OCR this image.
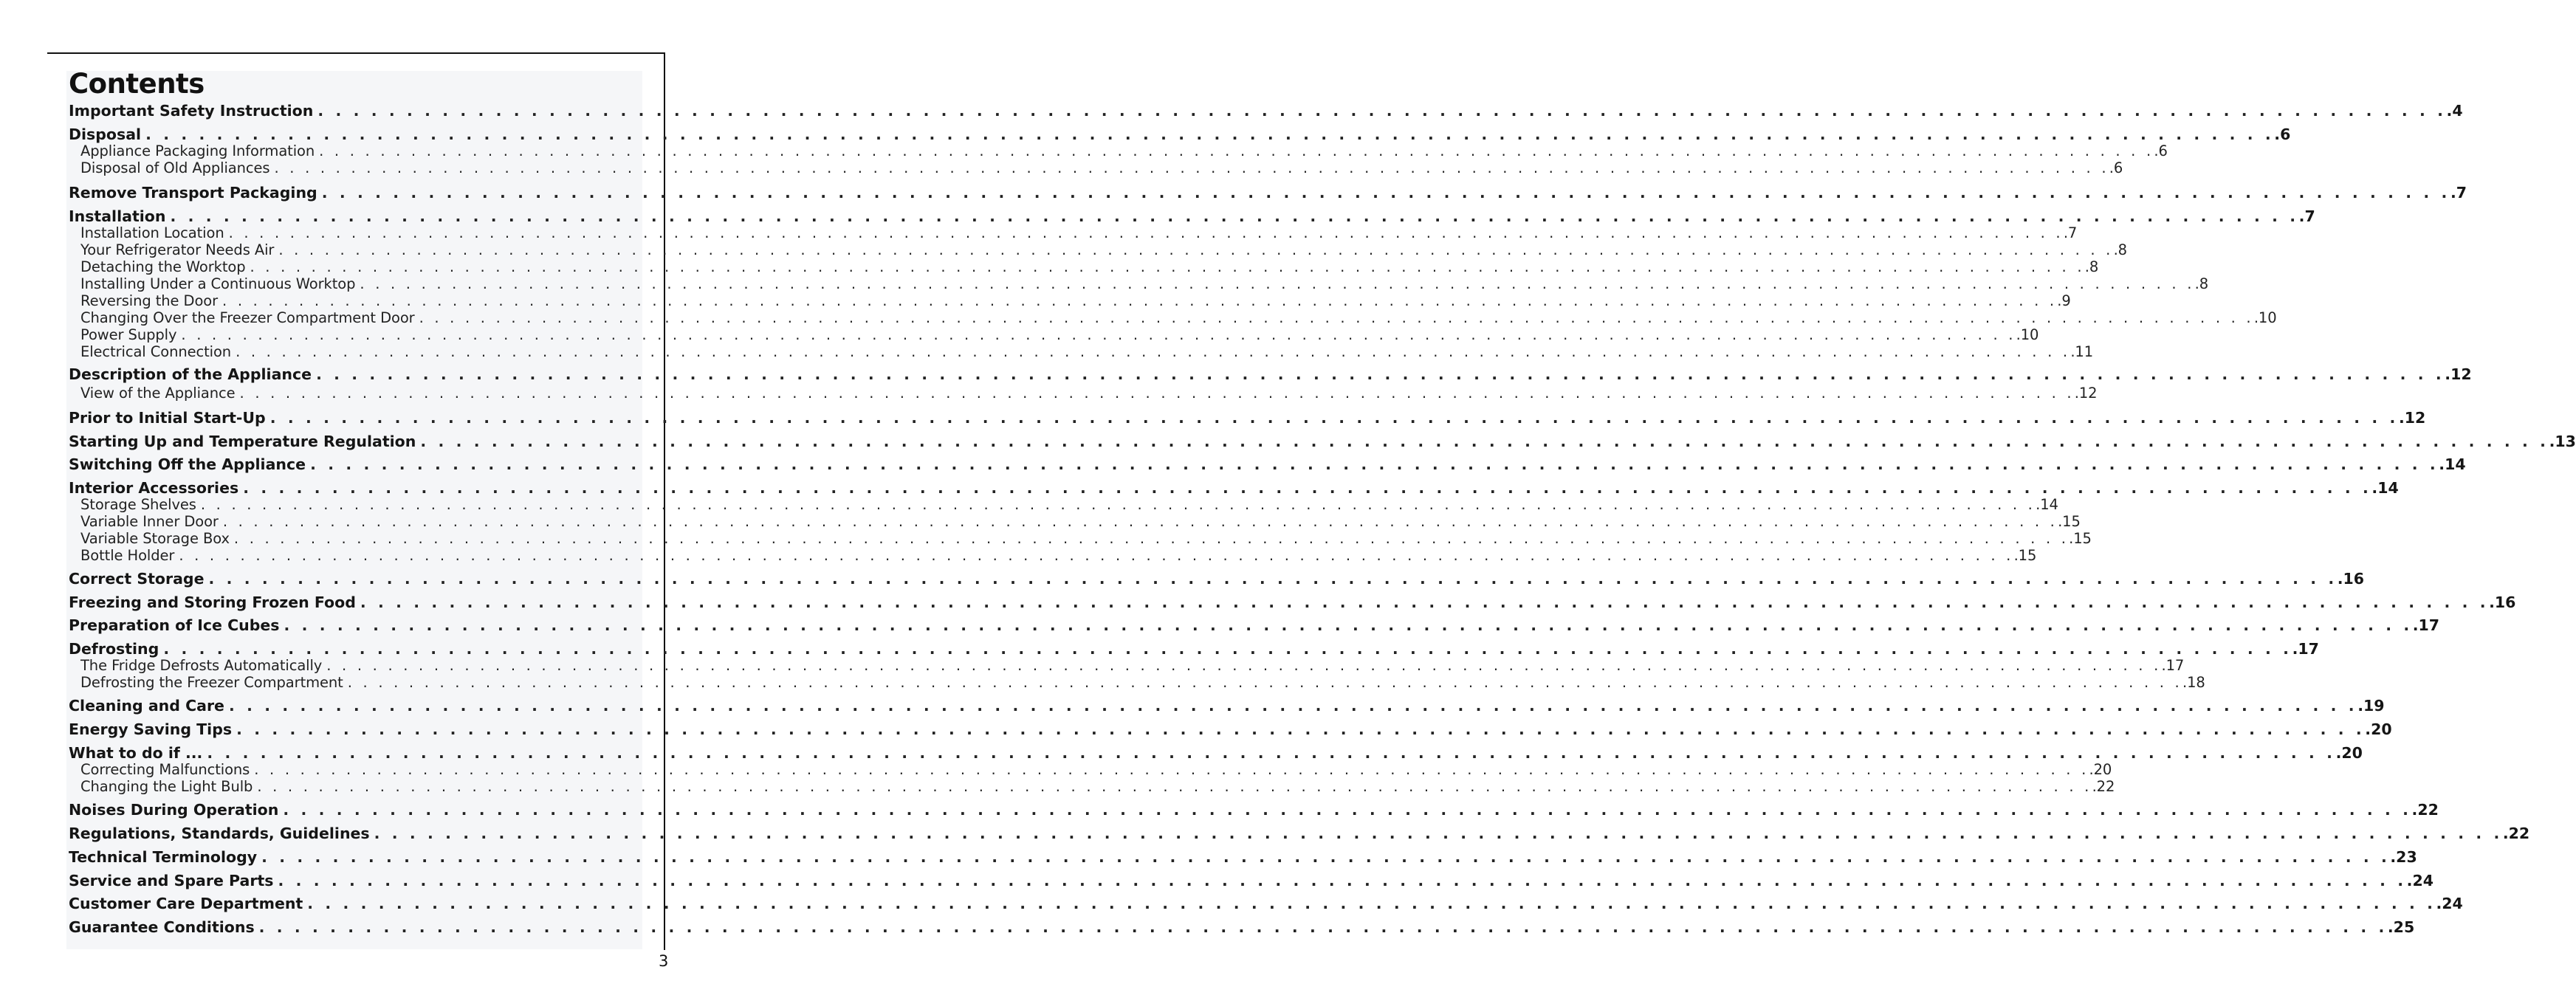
Contents
Important Safety Instruction . . . . . . . . . . . . . . . . . . . . . . . . . . . . . . . . . . . . . . . . . . . . . . . . . . . . . . . . . . . . . . . . . . . . . . . . . . . . . . . . . . . . . . . . . . . . . . . . . . . . . . . . . . . . . . . . . . . . . . . . .4
Disposal . . . . . . . . . . . . . . . . . . . . . . . . . . . . . . . . . . . . . . . . . . . . . . . . . . . . . . . . . . . . . . . . . . . . . . . . . . . . . . . . . . . . . . . . . . . . . . . . . . . . . . . . . . . . . . . . . . . . . . . . .6
Appliance Packaging Information . . . . . . . . . . . . . . . . . . . . . . . . . . . . . . . . . . . . . . . . . . . . . . . . . . . . . . . . . . . . . . . . . . . . . . . . . . . . . . . . . . . . . . . . . . . . . . . . . . . . . . . . . . . . . . . . . . . . . . . . .6
Disposal of Old Appliances . . . . . . . . . . . . . . . . . . . . . . . . . . . . . . . . . . . . . . . . . . . . . . . . . . . . . . . . . . . . . . . . . . . . . . . . . . . . . . . . . . . . . . . . . . . . . . . . . . . . . . . . . . . . . . . . . . . . . . . . .6
Remove Transport Packaging . . . . . . . . . . . . . . . . . . . . . . . . . . . . . . . . . . . . . . . . . . . . . . . . . . . . . . . . . . . . . . . . . . . . . . . . . . . . . . . . . . . . . . . . . . . . . . . . . . . . . . . . . . . . . . . . . . . . . . . . .7
Installation . . . . . . . . . . . . . . . . . . . . . . . . . . . . . . . . . . . . . . . . . . . . . . . . . . . . . . . . . . . . . . . . . . . . . . . . . . . . . . . . . . . . . . . . . . . . . . . . . . . . . . . . . . . . . . . . . . . . . . . . .7
Installation Location . . . . . . . . . . . . . . . . . . . . . . . . . . . . . . . . . . . . . . . . . . . . . . . . . . . . . . . . . . . . . . . . . . . . . . . . . . . . . . . . . . . . . . . . . . . . . . . . . . . . . . . . . . . . . . . . . . . . . . . . .7
Your Refrigerator Needs Air . . . . . . . . . . . . . . . . . . . . . . . . . . . . . . . . . . . . . . . . . . . . . . . . . . . . . . . . . . . . . . . . . . . . . . . . . . . . . . . . . . . . . . . . . . . . . . . . . . . . . . . . . . . . . . . . . . . . . . . . .8
Detaching the Worktop . . . . . . . . . . . . . . . . . . . . . . . . . . . . . . . . . . . . . . . . . . . . . . . . . . . . . . . . . . . . . . . . . . . . . . . . . . . . . . . . . . . . . . . . . . . . . . . . . . . . . . . . . . . . . . . . . . . . . . . . .8
Installing Under a Continuous Worktop . . . . . . . . . . . . . . . . . . . . . . . . . . . . . . . . . . . . . . . . . . . . . . . . . . . . . . . . . . . . . . . . . . . . . . . . . . . . . . . . . . . . . . . . . . . . . . . . . . . . . . . . . . . . . . . . . . . . . . . . .8
Reversing the Door . . . . . . . . . . . . . . . . . . . . . . . . . . . . . . . . . . . . . . . . . . . . . . . . . . . . . . . . . . . . . . . . . . . . . . . . . . . . . . . . . . . . . . . . . . . . . . . . . . . . . . . . . . . . . . . . . . . . . . . . .9
Changing Over the Freezer Compartment Door . . . . . . . . . . . . . . . . . . . . . . . . . . . . . . . . . . . . . . . . . . . . . . . . . . . . . . . . . . . . . . . . . . . . . . . . . . . . . . . . . . . . . . . . . . . . . . . . . . . . . . . . . . . . . . . . . . . . . . . . .10
Power Supply . . . . . . . . . . . . . . . . . . . . . . . . . . . . . . . . . . . . . . . . . . . . . . . . . . . . . . . . . . . . . . . . . . . . . . . . . . . . . . . . . . . . . . . . . . . . . . . . . . . . . . . . . . . . . . . . . . . . . . . . .10
Electrical Connection . . . . . . . . . . . . . . . . . . . . . . . . . . . . . . . . . . . . . . . . . . . . . . . . . . . . . . . . . . . . . . . . . . . . . . . . . . . . . . . . . . . . . . . . . . . . . . . . . . . . . . . . . . . . . . . . . . . . . . . . .11
Description of the Appliance . . . . . . . . . . . . . . . . . . . . . . . . . . . . . . . . . . . . . . . . . . . . . . . . . . . . . . . . . . . . . . . . . . . . . . . . . . . . . . . . . . . . . . . . . . . . . . . . . . . . . . . . . . . . . . . . . . . . . . . . .12
View of the Appliance . . . . . . . . . . . . . . . . . . . . . . . . . . . . . . . . . . . . . . . . . . . . . . . . . . . . . . . . . . . . . . . . . . . . . . . . . . . . . . . . . . . . . . . . . . . . . . . . . . . . . . . . . . . . . . . . . . . . . . . . .12
Prior to Initial Start-Up . . . . . . . . . . . . . . . . . . . . . . . . . . . . . . . . . . . . . . . . . . . . . . . . . . . . . . . . . . . . . . . . . . . . . . . . . . . . . . . . . . . . . . . . . . . . . . . . . . . . . . . . . . . . . . . . . . . . . . . . .12
Starting Up and Temperature Regulation . . . . . . . . . . . . . . . . . . . . . . . . . . . . . . . . . . . . . . . . . . . . . . . . . . . . . . . . . . . . . . . . . . . . . . . . . . . . . . . . . . . . . . . . . . . . . . . . . . . . . . . . . . . . . . . . . . . . . . . . .13
Switching Off the Appliance . . . . . . . . . . . . . . . . . . . . . . . . . . . . . . . . . . . . . . . . . . . . . . . . . . . . . . . . . . . . . . . . . . . . . . . . . . . . . . . . . . . . . . . . . . . . . . . . . . . . . . . . . . . . . . . . . . . . . . . . .14
Interior Accessories . . . . . . . . . . . . . . . . . . . . . . . . . . . . . . . . . . . . . . . . . . . . . . . . . . . . . . . . . . . . . . . . . . . . . . . . . . . . . . . . . . . . . . . . . . . . . . . . . . . . . . . . . . . . . . . . . . . . . . . . .14
Storage Shelves . . . . . . . . . . . . . . . . . . . . . . . . . . . . . . . . . . . . . . . . . . . . . . . . . . . . . . . . . . . . . . . . . . . . . . . . . . . . . . . . . . . . . . . . . . . . . . . . . . . . . . . . . . . . . . . . . . . . . . . . .14
Variable Inner Door . . . . . . . . . . . . . . . . . . . . . . . . . . . . . . . . . . . . . . . . . . . . . . . . . . . . . . . . . . . . . . . . . . . . . . . . . . . . . . . . . . . . . . . . . . . . . . . . . . . . . . . . . . . . . . . . . . . . . . . . .15
Variable Storage Box . . . . . . . . . . . . . . . . . . . . . . . . . . . . . . . . . . . . . . . . . . . . . . . . . . . . . . . . . . . . . . . . . . . . . . . . . . . . . . . . . . . . . . . . . . . . . . . . . . . . . . . . . . . . . . . . . . . . . . . . .15
Bottle Holder . . . . . . . . . . . . . . . . . . . . . . . . . . . . . . . . . . . . . . . . . . . . . . . . . . . . . . . . . . . . . . . . . . . . . . . . . . . . . . . . . . . . . . . . . . . . . . . . . . . . . . . . . . . . . . . . . . . . . . . . .15
Correct Storage . . . . . . . . . . . . . . . . . . . . . . . . . . . . . . . . . . . . . . . . . . . . . . . . . . . . . . . . . . . . . . . . . . . . . . . . . . . . . . . . . . . . . . . . . . . . . . . . . . . . . . . . . . . . . . . . . . . . . . . . .16
Freezing and Storing Frozen Food . . . . . . . . . . . . . . . . . . . . . . . . . . . . . . . . . . . . . . . . . . . . . . . . . . . . . . . . . . . . . . . . . . . . . . . . . . . . . . . . . . . . . . . . . . . . . . . . . . . . . . . . . . . . . . . . . . . . . . . . .16
Preparation of Ice Cubes . . . . . . . . . . . . . . . . . . . . . . . . . . . . . . . . . . . . . . . . . . . . . . . . . . . . . . . . . . . . . . . . . . . . . . . . . . . . . . . . . . . . . . . . . . . . . . . . . . . . . . . . . . . . . . . . . . . . . . . . .17
Defrosting . . . . . . . . . . . . . . . . . . . . . . . . . . . . . . . . . . . . . . . . . . . . . . . . . . . . . . . . . . . . . . . . . . . . . . . . . . . . . . . . . . . . . . . . . . . . . . . . . . . . . . . . . . . . . . . . . . . . . . . . .17
The Fridge Defrosts Automatically . . . . . . . . . . . . . . . . . . . . . . . . . . . . . . . . . . . . . . . . . . . . . . . . . . . . . . . . . . . . . . . . . . . . . . . . . . . . . . . . . . . . . . . . . . . . . . . . . . . . . . . . . . . . . . . . . . . . . . . . .17
Defrosting the Freezer Compartment . . . . . . . . . . . . . . . . . . . . . . . . . . . . . . . . . . . . . . . . . . . . . . . . . . . . . . . . . . . . . . . . . . . . . . . . . . . . . . . . . . . . . . . . . . . . . . . . . . . . . . . . . . . . . . . . . . . . . . . . .18
Cleaning and Care . . . . . . . . . . . . . . . . . . . . . . . . . . . . . . . . . . . . . . . . . . . . . . . . . . . . . . . . . . . . . . . . . . . . . . . . . . . . . . . . . . . . . . . . . . . . . . . . . . . . . . . . . . . . . . . . . . . . . . . . .19
Energy Saving Tips . . . . . . . . . . . . . . . . . . . . . . . . . . . . . . . . . . . . . . . . . . . . . . . . . . . . . . . . . . . . . . . . . . . . . . . . . . . . . . . . . . . . . . . . . . . . . . . . . . . . . . . . . . . . . . . . . . . . . . . . .20
What to do if ... . . . . . . . . . . . . . . . . . . . . . . . . . . . . . . . . . . . . . . . . . . . . . . . . . . . . . . . . . . . . . . . . . . . . . . . . . . . . . . . . . . . . . . . . . . . . . . . . . . . . . . . . . . . . . . . . . . . . . . . . .20
Correcting Malfunctions . . . . . . . . . . . . . . . . . . . . . . . . . . . . . . . . . . . . . . . . . . . . . . . . . . . . . . . . . . . . . . . . . . . . . . . . . . . . . . . . . . . . . . . . . . . . . . . . . . . . . . . . . . . . . . . . . . . . . . . . .20
Changing the Light Bulb . . . . . . . . . . . . . . . . . . . . . . . . . . . . . . . . . . . . . . . . . . . . . . . . . . . . . . . . . . . . . . . . . . . . . . . . . . . . . . . . . . . . . . . . . . . . . . . . . . . . . . . . . . . . . . . . . . . . . . . . .22
Noises During Operation . . . . . . . . . . . . . . . . . . . . . . . . . . . . . . . . . . . . . . . . . . . . . . . . . . . . . . . . . . . . . . . . . . . . . . . . . . . . . . . . . . . . . . . . . . . . . . . . . . . . . . . . . . . . . . . . . . . . . . . . .22
Regulations, Standards, Guidelines . . . . . . . . . . . . . . . . . . . . . . . . . . . . . . . . . . . . . . . . . . . . . . . . . . . . . . . . . . . . . . . . . . . . . . . . . . . . . . . . . . . . . . . . . . . . . . . . . . . . . . . . . . . . . . . . . . . . . . . . .22
Technical Terminology . . . . . . . . . . . . . . . . . . . . . . . . . . . . . . . . . . . . . . . . . . . . . . . . . . . . . . . . . . . . . . . . . . . . . . . . . . . . . . . . . . . . . . . . . . . . . . . . . . . . . . . . . . . . . . . . . . . . . . . . .23
Service and Spare Parts . . . . . . . . . . . . . . . . . . . . . . . . . . . . . . . . . . . . . . . . . . . . . . . . . . . . . . . . . . . . . . . . . . . . . . . . . . . . . . . . . . . . . . . . . . . . . . . . . . . . . . . . . . . . . . . . . . . . . . . . .24
Customer Care Department . . . . . . . . . . . . . . . . . . . . . . . . . . . . . . . . . . . . . . . . . . . . . . . . . . . . . . . . . . . . . . . . . . . . . . . . . . . . . . . . . . . . . . . . . . . . . . . . . . . . . . . . . . . . . . . . . . . . . . . . .24
Guarantee Conditions . . . . . . . . . . . . . . . . . . . . . . . . . . . . . . . . . . . . . . . . . . . . . . . . . . . . . . . . . . . . . . . . . . . . . . . . . . . . . . . . . . . . . . . . . . . . . . . . . . . . . . . . . . . . . . . . . . . . . . . . .25
3
